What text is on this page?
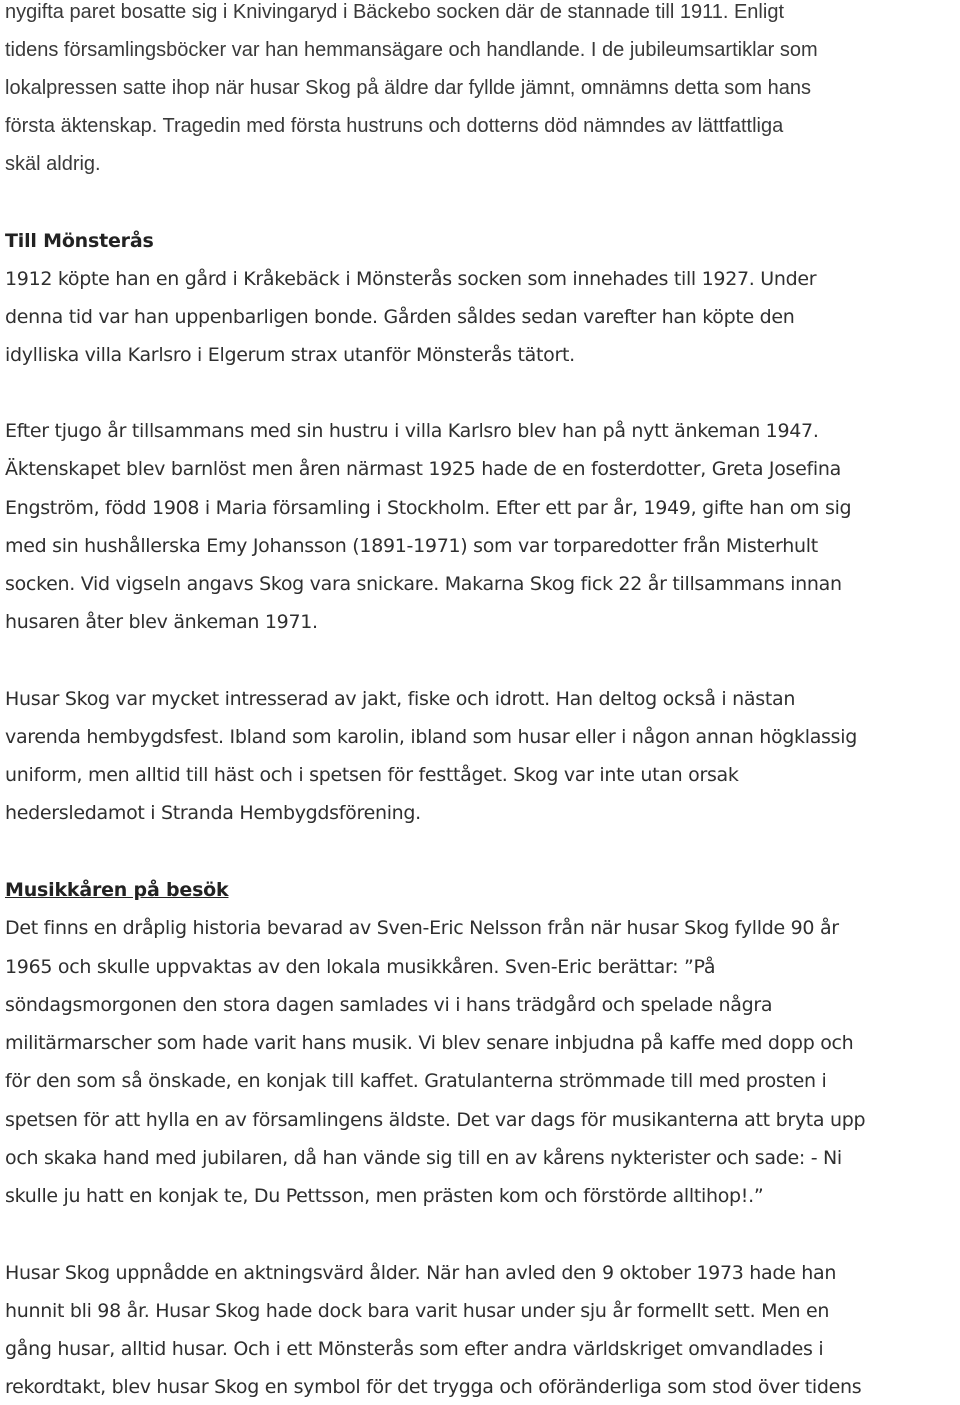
nygifta paret bosatte sig i Knivingaryd i Bäckebo socken där de stannade till 1911. Enligt
tidens församlingsböcker var han hemmansägare och handlande. I de jubileumsartiklar som
lokalpressen satte ihop när husar Skog på äldre dar fyllde jämnt, omnämns detta som hans
första äktenskap. Tragedin med första hustruns och dotterns död nämndes av lättfattliga
skäl aldrig.
Till Mönsterås
1912 köpte han en gård i Kråkebäck i Mönsterås socken som innehades till 1927. Under
denna tid var han uppenbarligen bonde. Gården såldes sedan varefter han köpte den
idylliska villa Karlsro i Elgerum strax utanför Mönsterås tätort.
Efter tjugo år tillsammans med sin hustru i villa Karlsro blev han på nytt änkeman 1947.
Äktenskapet blev barnlöst men åren närmast 1925 hade de en fosterdotter, Greta Josefina
Engström, född 1908 i Maria församling i Stockholm. Efter ett par år, 1949, gifte han om sig
med sin hushållerska Emy Johansson (1891-1971) som var torparedotter från Misterhult
socken. Vid vigseln angavs Skog vara snickare. Makarna Skog fick 22 år tillsammans innan
husaren åter blev änkeman 1971.
Husar Skog var mycket intresserad av jakt, fiske och idrott. Han deltog också i nästan
varenda hembygdsfest. Ibland som karolin, ibland som husar eller i någon annan högklassig
uniform, men alltid till häst och i spetsen för festtåget. Skog var inte utan orsak
hedersledamot i Stranda Hembygdsförening.
Musikkåren på besök
Det finns en dråplig historia bevarad av Sven-Eric Nelsson från när husar Skog fyllde 90 år
1965 och skulle uppvaktas av den lokala musikkåren. Sven-Eric berättar: ”På
söndagsmorgonen den stora dagen samlades vi i hans trädgård och spelade några
militärmarscher som hade varit hans musik. Vi blev senare inbjudna på kaffe med dopp och
för den som så önskade, en konjak till kaffet. Gratulanterna strömmade till med prosten i
spetsen för att hylla en av församlingens äldste. Det var dags för musikanterna att bryta upp
och skaka hand med jubilaren, då han vände sig till en av kårens nykterister och sade: - Ni
skulle ju hatt en konjak te, Du Pettsson, men prästen kom och förstörde alltihop!.”
Husar Skog uppnådde en aktningsvärd ålder. När han avled den 9 oktober 1973 hade han
hunnit bli 98 år. Husar Skog hade dock bara varit husar under sju år formellt sett. Men en
gång husar, alltid husar. Och i ett Mönsterås som efter andra världskriget omvandlades i
rekordtakt, blev husar Skog en symbol för det trygga och oföränderliga som stod över tidens
